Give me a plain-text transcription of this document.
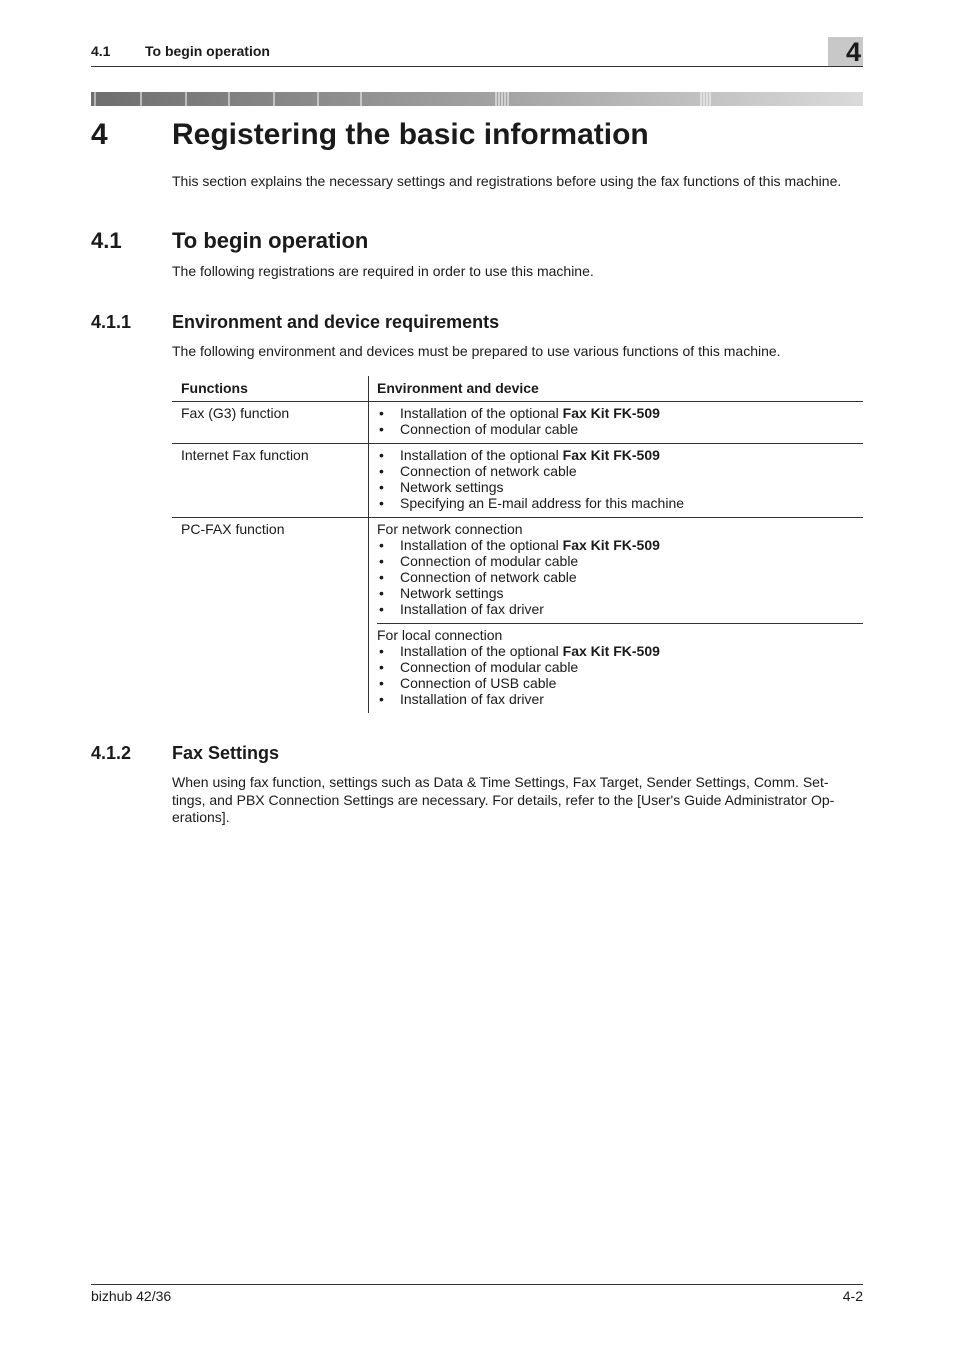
4.1 To begin operation	4
4 Registering the basic information
This section explains the necessary settings and registrations before using the fax functions of this machine.
4.1 To begin operation
The following registrations are required in order to use this machine.
4.1.1 Environment and device requirements
The following environment and devices must be prepared to use various functions of this machine.
Functions	Environment and device
Fax (G3) function	• Installation of the optional Fax Kit FK-509
• Connection of modular cable
Internet Fax function	• Installation of the optional Fax Kit FK-509
• Connection of network cable
• Network settings
• Specifying an E-mail address for this machine
PC-FAX function	For network connection
• Installation of the optional Fax Kit FK-509
• Connection of modular cable
• Connection of network cable
• Network settings
• Installation of fax driver
For local connection
• Installation of the optional Fax Kit FK-509
• Connection of modular cable
• Connection of USB cable
• Installation of fax driver
4.1.2 Fax Settings
When using fax function, settings such as Data & Time Settings, Fax Target, Sender Settings, Comm. Set-
tings, and PBX Connection Settings are necessary. For details, refer to the [User's Guide Administrator Op-
erations].
bizhub 42/36	4-2
